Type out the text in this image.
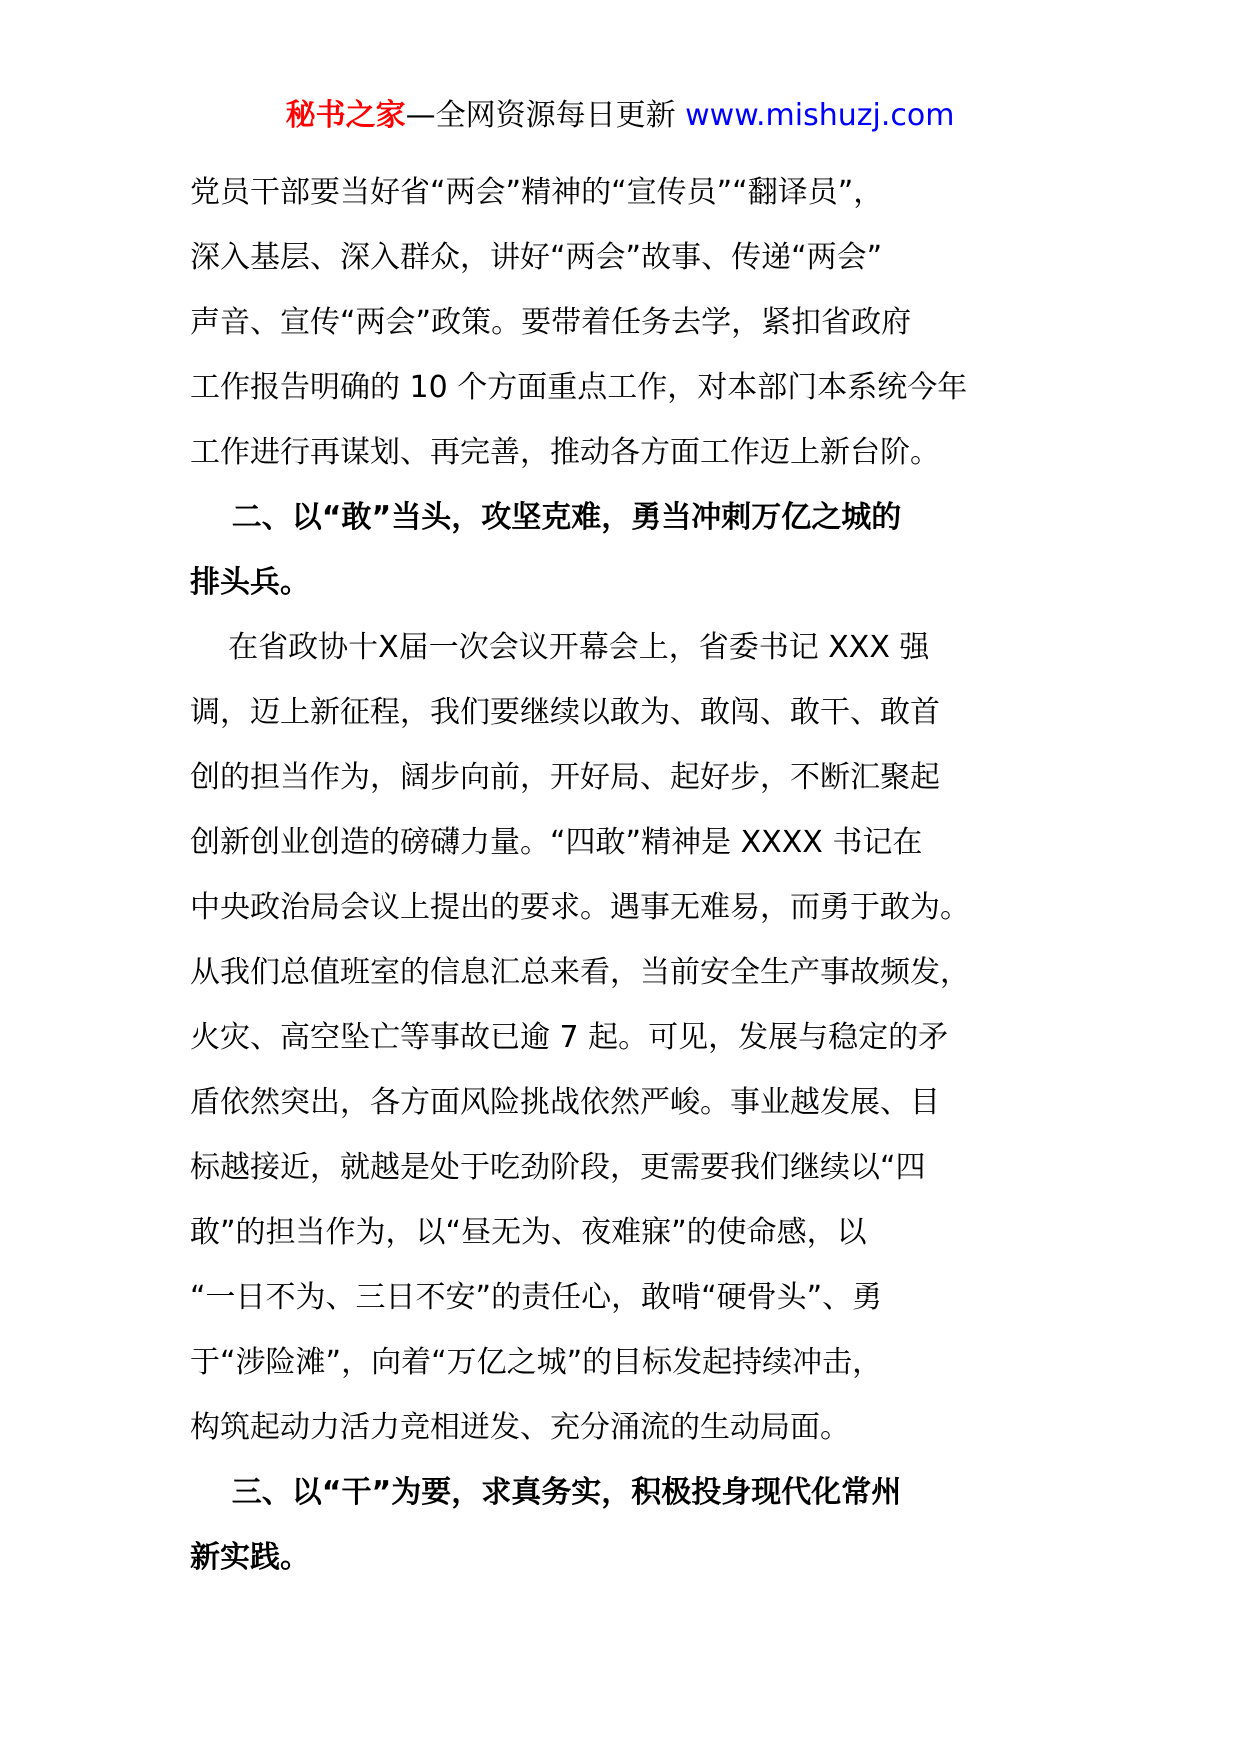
秘书之家—全网资源每日更新 www.mishuzj.com
党员干部要当好省“两会”精神的“宣传员”“翻译员”，
深入基层、深入群众，讲好“两会”故事、传递“两会”
声音、宣传“两会”政策。要带着任务去学，紧扣省政府
工作报告明确的 10 个方面重点工作，对本部门本系统今年
工作进行再谋划、再完善，推动各方面工作迈上新台阶。
二、以“敢”当头，攻坚克难，勇当冲刺万亿之城的
排头兵。
在省政协十Ⅹ届一次会议开幕会上，省委书记 XXX 强
调，迈上新征程，我们要继续以敢为、敢闯、敢干、敢首
创的担当作为，阔步向前，开好局、起好步，不断汇聚起
创新创业创造的磅礴力量。“四敢”精神是 XXXX 书记在
中央政治局会议上提出的要求。遇事无难易，而勇于敢为。
从我们总值班室的信息汇总来看，当前安全生产事故频发，
火灾、高空坠亡等事故已逾 7 起。可见，发展与稳定的矛
盾依然突出，各方面风险挑战依然严峻。事业越发展、目
标越接近，就越是处于吃劲阶段，更需要我们继续以“四
敢”的担当作为，以“昼无为、夜难寐”的使命感，以
“一日不为、三日不安”的责任心，敢啃“硬骨头”、勇
于“涉险滩”，向着“万亿之城”的目标发起持续冲击，
构筑起动力活力竞相迸发、充分涌流的生动局面。
三、以“干”为要，求真务实，积极投身现代化常州
新实践。
